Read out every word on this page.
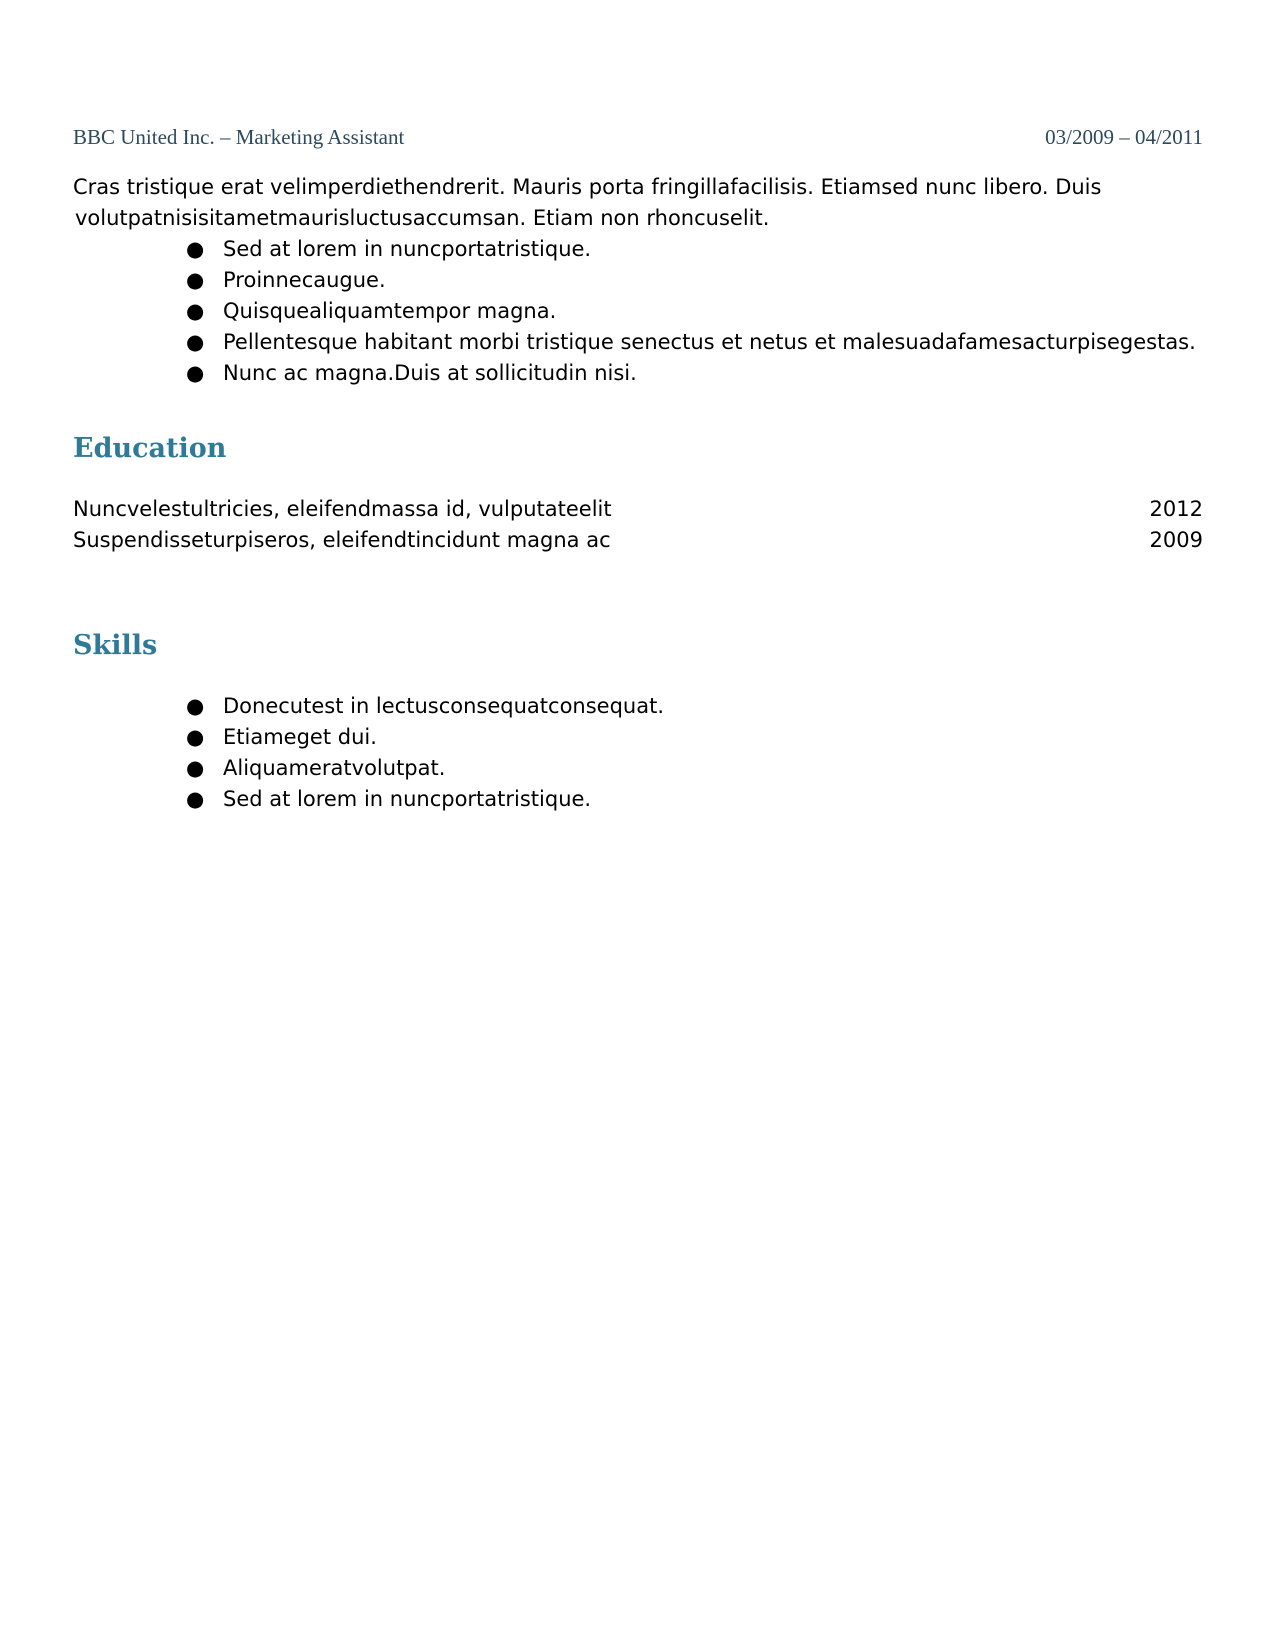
BBC United Inc. – Marketing Assistant	03/2009 – 04/2011
Cras tristique erat velimperdiethendrerit. Mauris porta fringillafacilisis. Etiamsed nunc libero. Duis
volutpatnisisitametmaurisluctusaccumsan. Etiam non rhoncuselit.
● Sed at lorem in nuncportatristique.
● Proinnecaugue.
● Quisquealiquamtempor magna.
● Pellentesque habitant morbi tristique senectus et netus et malesuadafamesacturpisegestas.
● Nunc ac magna.Duis at sollicitudin nisi.
Education
Nuncvelestultricies, eleifendmassa id, vulputateelit	2012
Suspendisseturpiseros, eleifendtincidunt magna ac	2009
Skills
● Donecutest in lectusconsequatconsequat.
● Etiameget dui.
● Aliquameratvolutpat.
● Sed at lorem in nuncportatristique.
